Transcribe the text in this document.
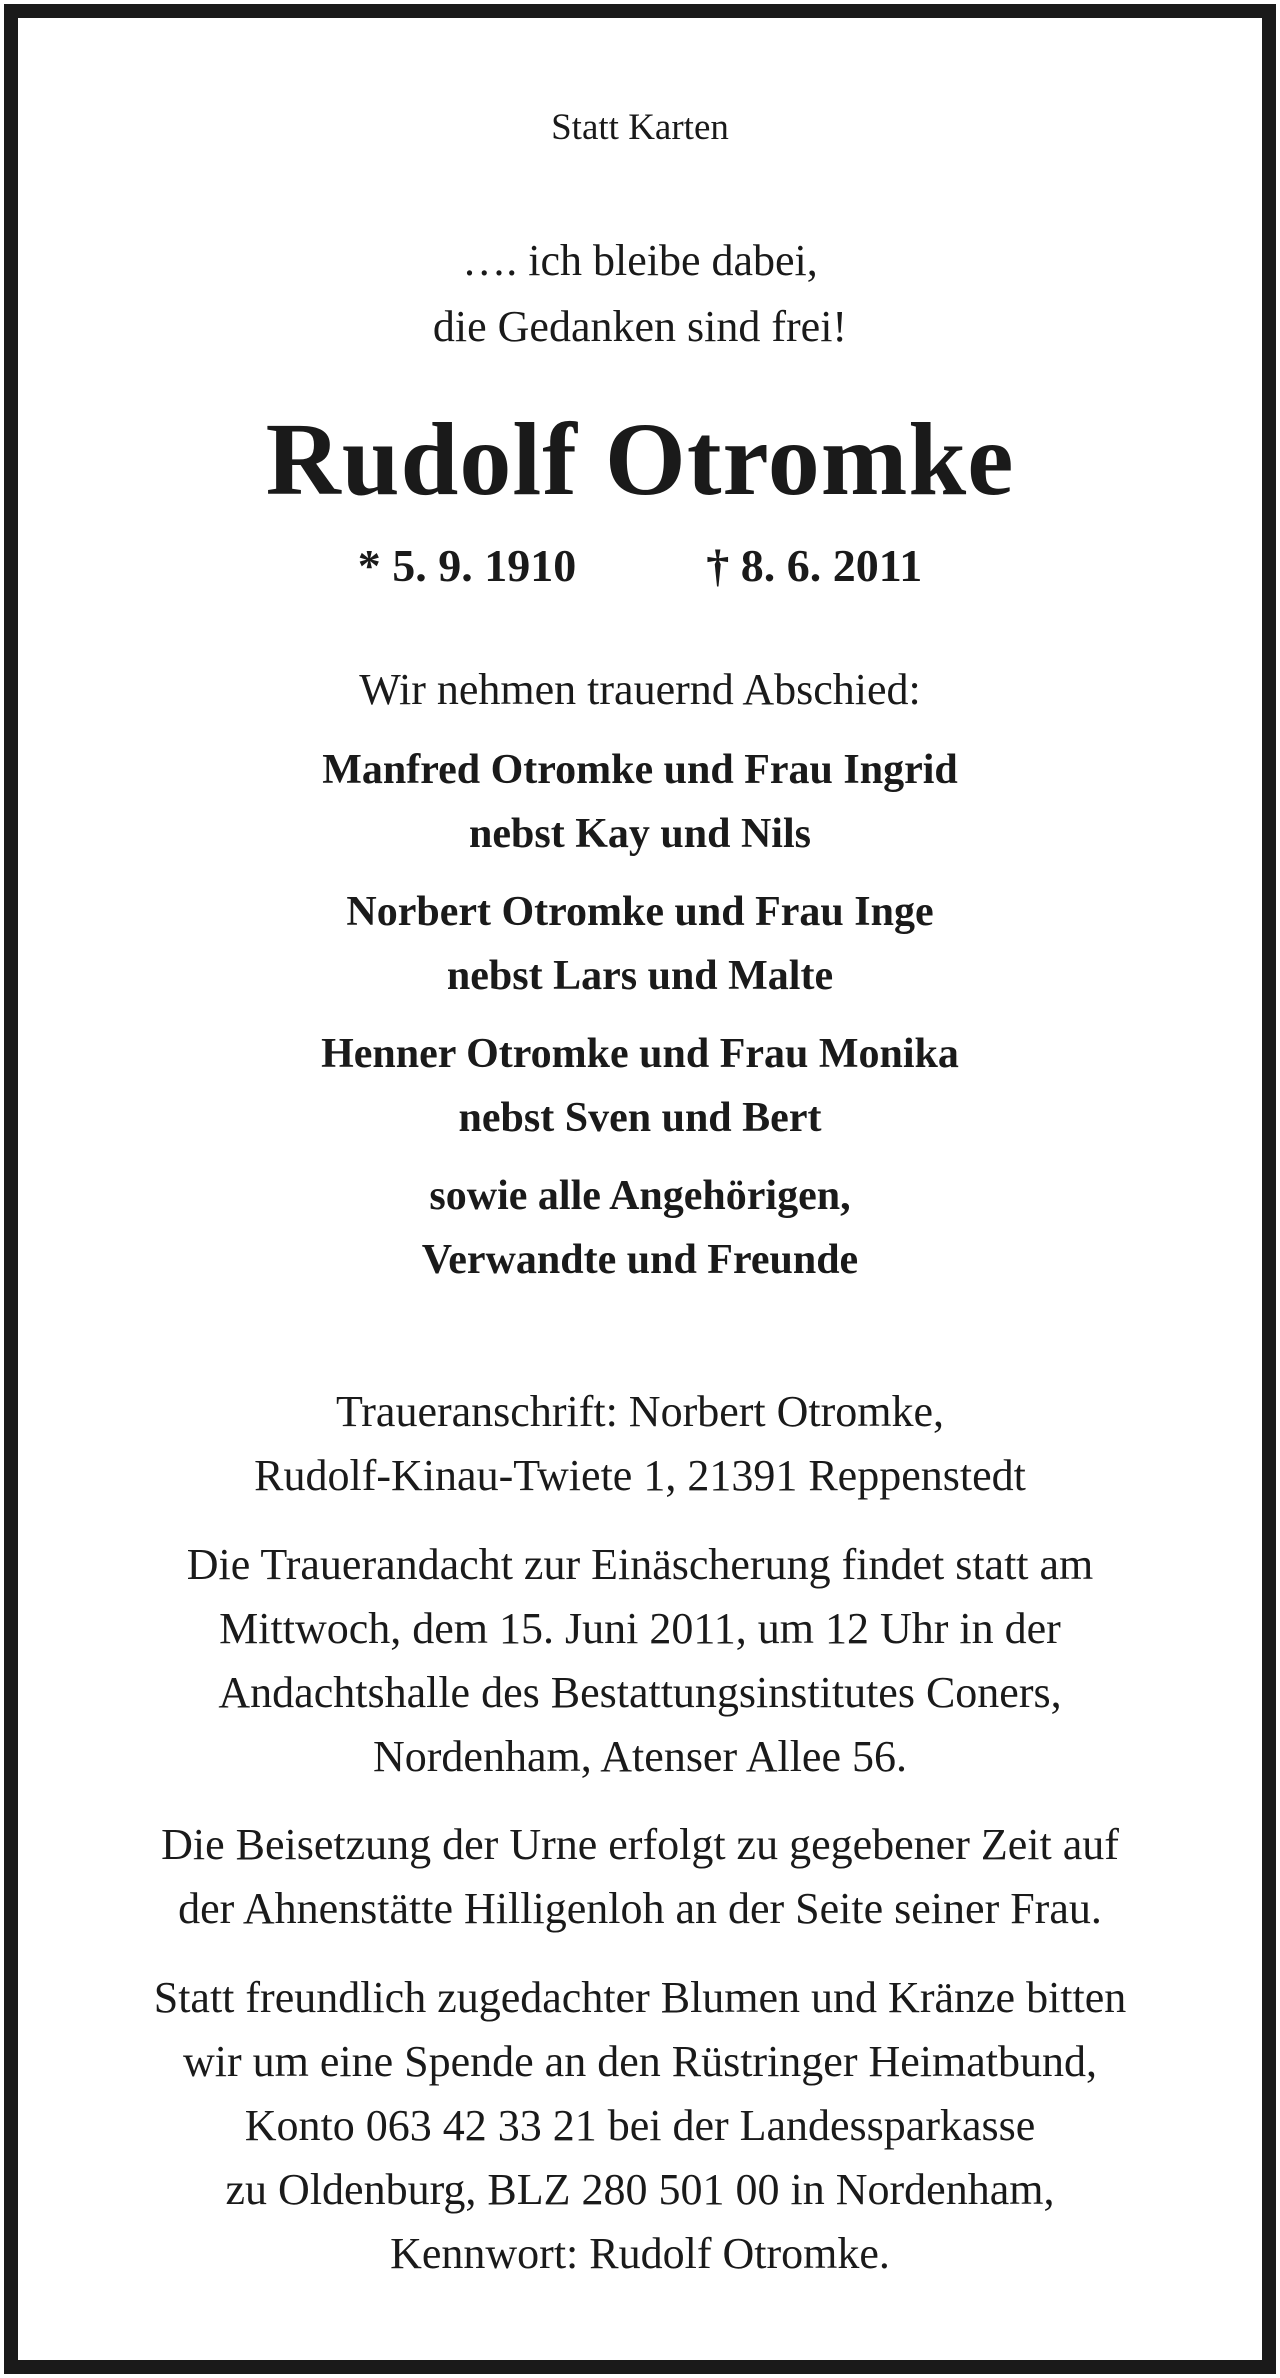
Statt Karten
…. ich bleibe dabei,
die Gedanken sind frei!
Rudolf Otromke
* 5. 9. 1910	† 8. 6. 2011
Wir nehmen trauernd Abschied:
Manfred Otromke und Frau Ingrid
nebst Kay und Nils
Norbert Otromke und Frau Inge
nebst Lars und Malte
Henner Otromke und Frau Monika
nebst Sven und Bert
sowie alle Angehörigen,
Verwandte und Freunde
Traueranschrift: Norbert Otromke,
Rudolf-Kinau-Twiete 1, 21391 Reppenstedt
Die Trauerandacht zur Einäscherung findet statt am
Mittwoch, dem 15. Juni 2011, um 12 Uhr in der
Andachtshalle des Bestattungsinstitutes Coners,
Nordenham, Atenser Allee 56.
Die Beisetzung der Urne erfolgt zu gegebener Zeit auf
der Ahnenstätte Hilligenloh an der Seite seiner Frau.
Statt freundlich zugedachter Blumen und Kränze bitten
wir um eine Spende an den Rüstringer Heimatbund,
Konto 063 42 33 21 bei der Landessparkasse
zu Oldenburg, BLZ 280 501 00 in Nordenham,
Kennwort: Rudolf Otromke.
